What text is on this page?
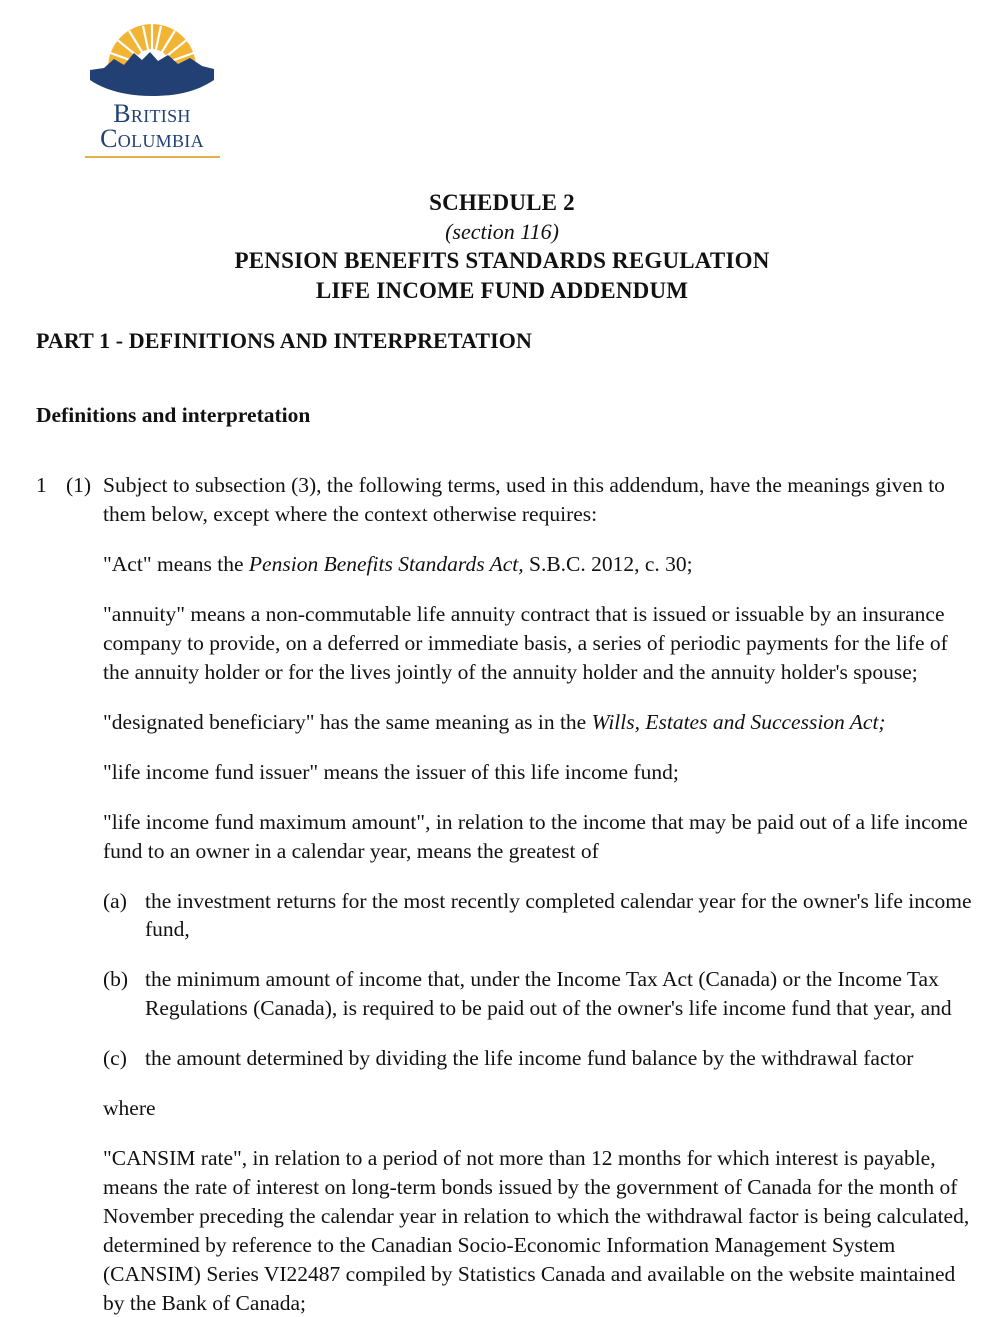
British
Columbia
SCHEDULE 2
(section 116)
PENSION BENEFITS STANDARDS REGULATION
LIFE INCOME FUND ADDENDUM
PART 1 - DEFINITIONS AND INTERPRETATION
Definitions and interpretation
1 (1) Subject to subsection (3), the following terms, used in this addendum, have the meanings given to them below, except where the context otherwise requires:

"Act" means the Pension Benefits Standards Act, S.B.C. 2012, c. 30;

"annuity" means a non-commutable life annuity contract that is issued or issuable by an insurance company to provide, on a deferred or immediate basis, a series of periodic payments for the life of the annuity holder or for the lives jointly of the annuity holder and the annuity holder's spouse;

"designated beneficiary" has the same meaning as in the Wills, Estates and Succession Act;

"life income fund issuer" means the issuer of this life income fund;

"life income fund maximum amount", in relation to the income that may be paid out of a life income fund to an owner in a calendar year, means the greatest of

(a) the investment returns for the most recently completed calendar year for the owner's life income fund,
(b) the minimum amount of income that, under the Income Tax Act (Canada) or the Income Tax Regulations (Canada), is required to be paid out of the owner's life income fund that year, and
(c) the amount determined by dividing the life income fund balance by the withdrawal factor

where

"CANSIM rate", in relation to a period of not more than 12 months for which interest is payable, means the rate of interest on long-term bonds issued by the government of Canada for the month of November preceding the calendar year in relation to which the withdrawal factor is being calculated, determined by reference to the Canadian Socio-Economic Information Management System (CANSIM) Series VI22487 compiled by Statistics Canada and available on the website maintained by the Bank of Canada;
